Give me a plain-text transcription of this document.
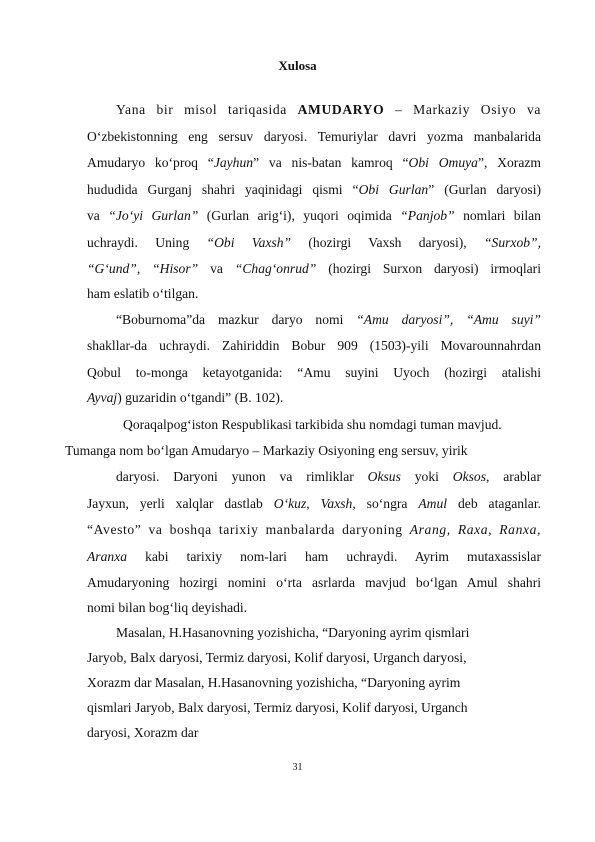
Xulosa
Yana bir misol tariqasida AMUDARYO – Markaziy Osiyo va
O‘zbekistonning eng sersuv daryosi. Temuriylar davri yozma manbalarida
Amudaryo ko‘proq “Jayhun” va nis-batan kamroq “Obi Omuya”, Xorazm
hududida Gurganj shahri yaqinidagi qismi “Obi Gurlan” (Gurlan daryosi)
va “Jo‘yi Gurlan” (Gurlan arig‘i), yuqori oqimida “Panjob” nomlari bilan
uchraydi. Uning “Obi Vaxsh” (hozirgi Vaxsh daryosi), “Surxob”,
“G‘und”, “Hisor” va “Chag‘onrud” (hozirgi Surxon daryosi) irmoqlari
ham eslatib o‘tilgan.
“Boburnoma”da mazkur daryo nomi “Amu daryosi”, “Amu suyi”
shakllar-da uchraydi. Zahiriddin Bobur 909 (1503)-yili Movarounnahrdan
Qobul to-monga ketayotganida: “Amu suyini Uyoch (hozirgi atalishi
Ayvaj) guzaridin o‘tgandi” (B. 102).
Qoraqalpog‘iston Respublikasi tarkibida shu nomdagi tuman mavjud.
Tumanga nom bo‘lgan Amudaryo – Markaziy Osiyoning eng sersuv, yirik
daryosi. Daryoni yunon va rimliklar Oksus yoki Oksos, arablar
Jayxun, yerli xalqlar dastlab O‘kuz, Vaxsh, so‘ngra Amul deb ataganlar.
“Avesto” va boshqa tarixiy manbalarda daryoning Arang, Raxa, Ranxa,
Aranxa kabi tarixiy nom-lari ham uchraydi. Ayrim mutaxassislar
Amudaryoning hozirgi nomini o‘rta asrlarda mavjud bo‘lgan Amul shahri
nomi bilan bog‘liq deyishadi.
Masalan, H.Hasanovning yozishicha, “Daryoning ayrim qismlari
Jaryob, Balx daryosi, Termiz daryosi, Kolif daryosi, Urganch daryosi,
Xorazm dar Masalan, H.Hasanovning yozishicha, “Daryoning ayrim
qismlari Jaryob, Balx daryosi, Termiz daryosi, Kolif daryosi, Urganch
daryosi, Xorazm dar
31
